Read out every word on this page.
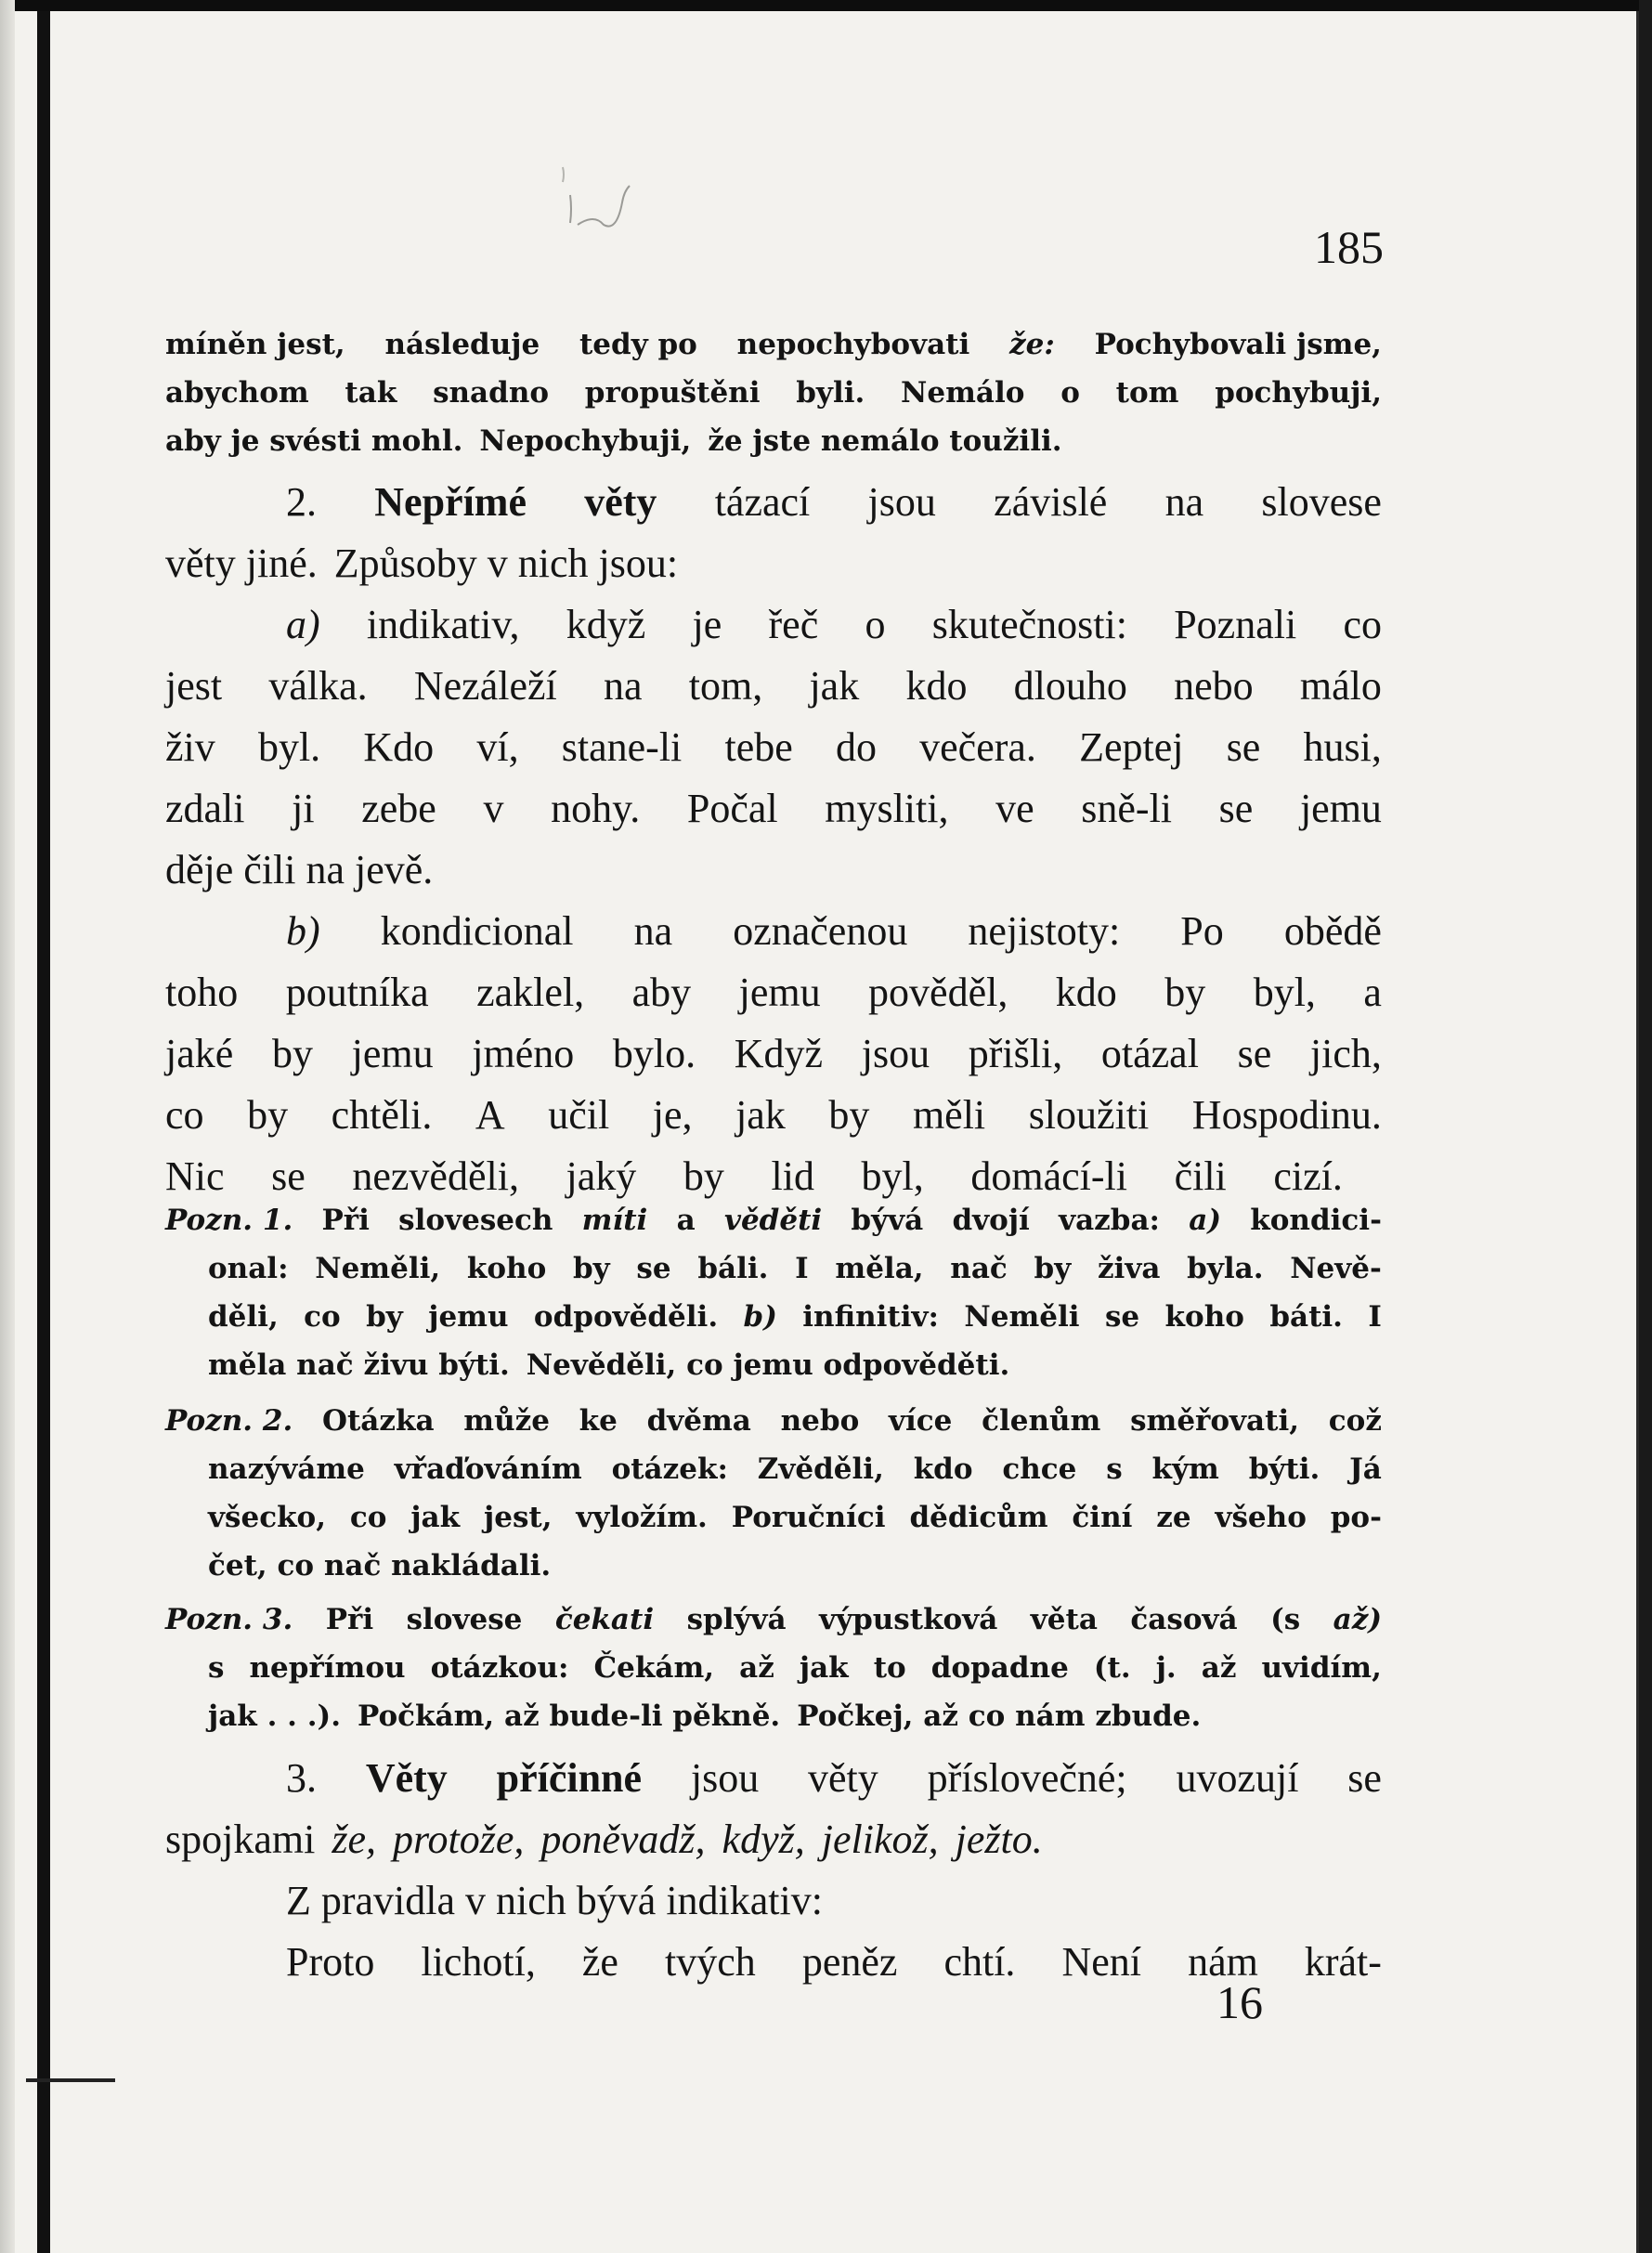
185
míněn jest, následuje tedy po nepochybovati že: Pochybovali jsme,
abychom tak snadno propuštěni byli. Nemálo o tom pochybuji,
aby je svésti mohl. Nepochybuji, že jste nemálo toužili.
2. Nepřímé věty tázací jsou závislé na slovese
věty jiné. Způsoby v nich jsou:
a) indikativ, když je řeč o skutečnosti: Poznali co
jest válka. Nezáleží na tom, jak kdo dlouho nebo málo
živ byl. Kdo ví, stane-li tebe do večera. Zeptej se husi,
zdali ji zebe v nohy. Počal mysliti, ve sně-li se jemu
děje čili na jevě.
b) kondicional na označenou nejistoty: Po obědě
toho poutníka zaklel, aby jemu pověděl, kdo by byl, a
jaké by jemu jméno bylo. Když jsou přišli, otázal se jich,
co by chtěli. A učil je, jak by měli sloužiti Hospodinu.
Nic se nezvěděli, jaký by lid byl, domácí-li čili cizí.
Pozn. 1. Při slovesech míti a věděti bývá dvojí vazba: a) kondici-
onal: Neměli, koho by se báli. I měla, nač by živa byla. Nevě-
děli, co by jemu odpověděli. b) infinitiv: Neměli se koho báti. I
měla nač živu býti. Nevěděli, co jemu odpověděti.
Pozn. 2. Otázka může ke dvěma nebo více členům směřovati, což
nazýváme vřaďováním otázek: Zvěděli, kdo chce s kým býti. Já
všecko, co jak jest, vyložím. Poručníci dědicům činí ze všeho po-
čet, co nač nakládali.
Pozn. 3. Při slovese čekati splývá výpustková věta časová (s až)
s nepřímou otázkou: Čekám, až jak to dopadne (t. j. až uvidím,
jak . . .). Počkám, až bude-li pěkně. Počkej, až co nám zbude.
3. Věty příčinné jsou věty příslovečné; uvozují se
spojkami že, protože, poněvadž, když, jelikož, ježto.
Z pravidla v nich bývá indikativ:
Proto lichotí, že tvých peněz chtí. Není nám krát-
16
